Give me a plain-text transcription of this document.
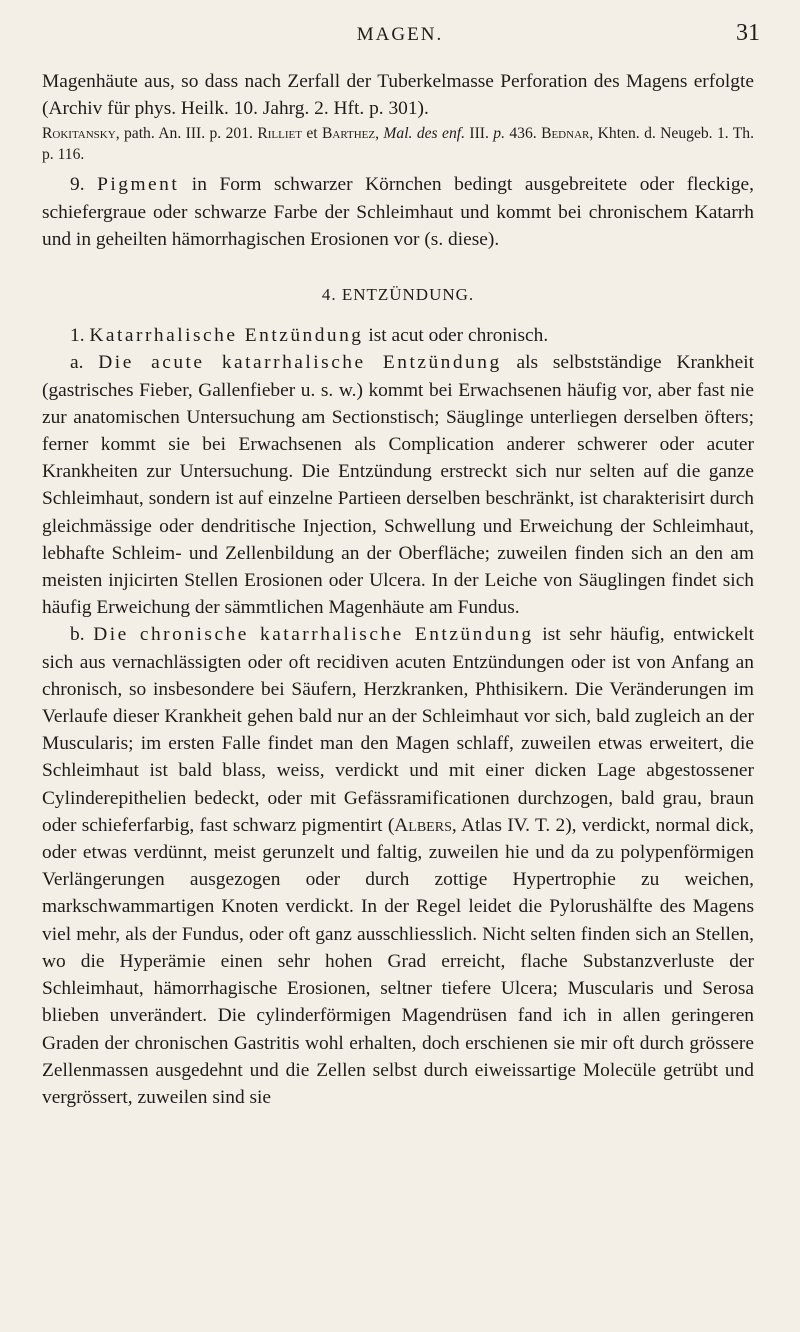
MAGEN.	31

Magenhäute aus, so dass nach Zerfall der Tuberkelmasse Perforation des Magens erfolgte (Archiv für phys. Heilk. 10. Jahrg. 2. Hft. p. 301).

Rokitansky, path. An. III. p. 201. Rilliet et Barthez, Mal. des enf. III. p. 436. Bednar, Khten. d. Neugeb. 1. Th. p. 116.

9. Pigment in Form schwarzer Körnchen bedingt ausgebreitete oder fleckige, schiefergraue oder schwarze Farbe der Schleimhaut und kommt bei chronischem Katarrh und in geheilten hämorrhagischen Erosionen vor (s. diese).

4. ENTZÜNDUNG.

1. Katarrhalische Entzündung ist acut oder chronisch.

a. Die acute katarrhalische Entzündung als selbstständige Krankheit (gastrisches Fieber, Gallenfieber u. s. w.) kommt bei Erwachsenen häufig vor, aber fast nie zur anatomischen Untersuchung am Sectionstisch; Säuglinge unterliegen derselben öfters; ferner kommt sie bei Erwachsenen als Complication anderer schwerer oder acuter Krankheiten zur Untersuchung. Die Entzündung erstreckt sich nur selten auf die ganze Schleimhaut, sondern ist auf einzelne Partieen derselben beschränkt, ist charakterisirt durch gleichmässige oder dendritische Injection, Schwellung und Erweichung der Schleimhaut, lebhafte Schleim- und Zellenbildung an der Oberfläche; zuweilen finden sich an den am meisten injicirten Stellen Erosionen oder Ulcera. In der Leiche von Säuglingen findet sich häufig Erweichung der sämmtlichen Magenhäute am Fundus.

b. Die chronische katarrhalische Entzündung ist sehr häufig, entwickelt sich aus vernachlässigten oder oft recidiven acuten Entzündungen oder ist von Anfang an chronisch, so insbesondere bei Säufern, Herzkranken, Phthisikern. Die Veränderungen im Verlaufe dieser Krankheit gehen bald nur an der Schleimhaut vor sich, bald zugleich an der Muscularis; im ersten Falle findet man den Magen schlaff, zuweilen etwas erweitert, die Schleimhaut ist bald blass, weiss, verdickt und mit einer dicken Lage abgestossener Cylinderepithelien bedeckt, oder mit Gefässramificationen durchzogen, bald grau, braun oder schieferfarbig, fast schwarz pigmentirt (Albers, Atlas IV. T. 2), verdickt, normal dick, oder etwas verdünnt, meist gerunzelt und faltig, zuweilen hie und da zu polypenförmigen Verlängerungen ausgezogen oder durch zottige Hypertrophie zu weichen, markschwammartigen Knoten verdickt. In der Regel leidet die Pylorushälfte des Magens viel mehr, als der Fundus, oder oft ganz ausschliesslich. Nicht selten finden sich an Stellen, wo die Hyperämie einen sehr hohen Grad erreicht, flache Substanzverluste der Schleimhaut, hämorrhagische Erosionen, seltner tiefere Ulcera; Muscularis und Serosa blieben unverändert. Die cylinderförmigen Magendrüsen fand ich in allen geringeren Graden der chronischen Gastritis wohl erhalten, doch erschienen sie mir oft durch grössere Zellenmassen ausgedehnt und die Zellen selbst durch eiweissartige Molecüle getrübt und vergrössert, zuweilen sind sie
